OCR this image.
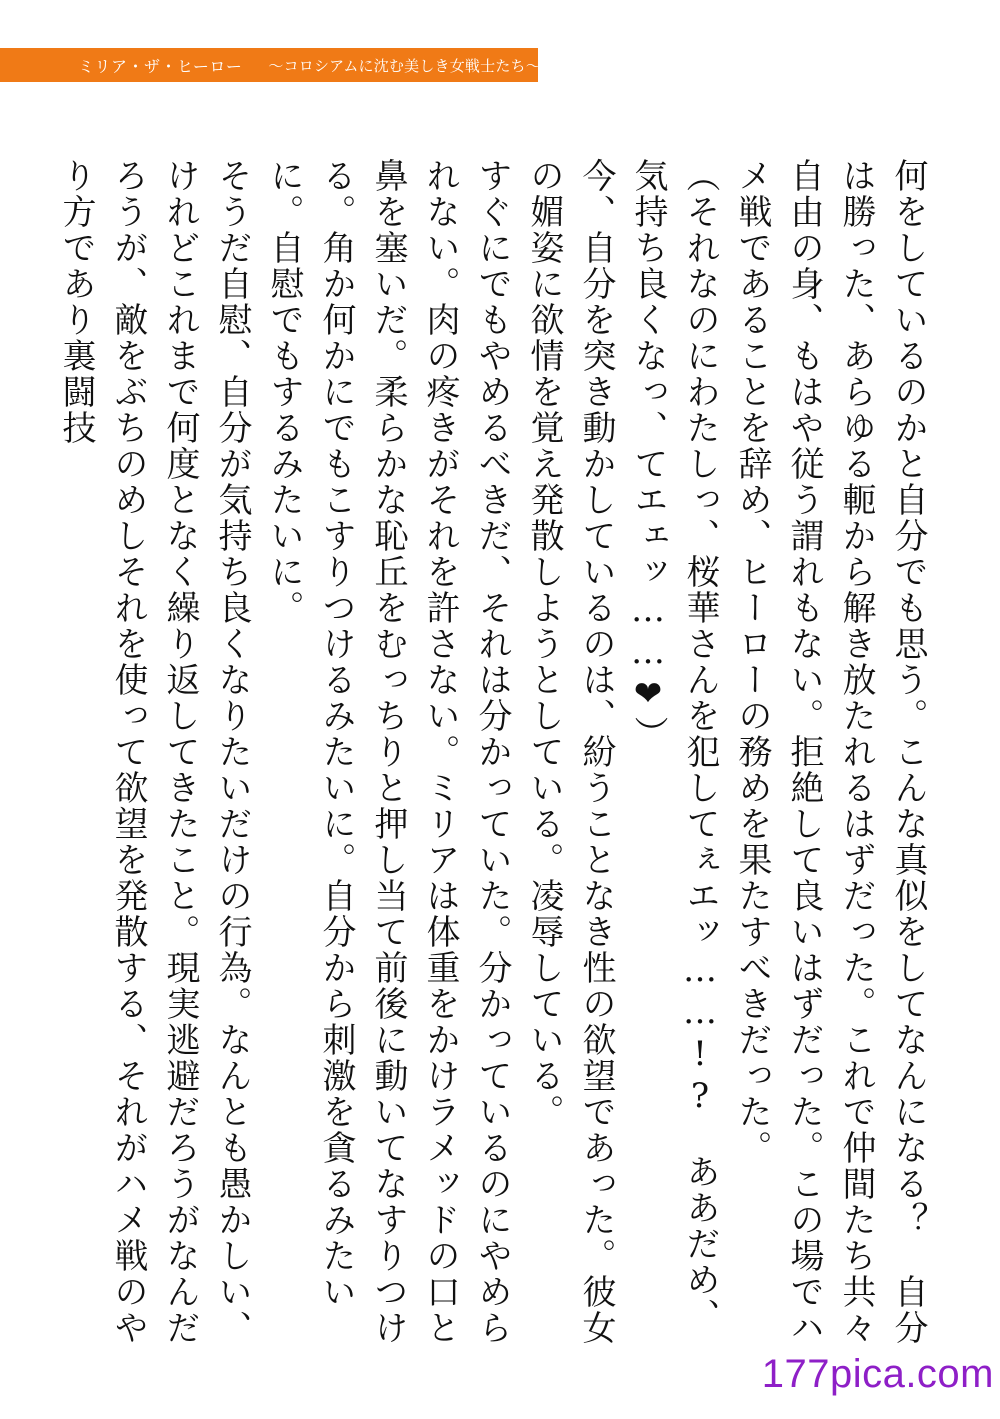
ミリア・ザ・ヒーロー 〜コロシアムに沈む美しき女戦士たち〜

何をしているのかと自分でも思う。こんな真似をしてなんになる？　自分は勝った、あらゆる軛から解き放たれるはずだった。これで仲間たち共々自由の身、もはや従う謂れもない。拒絶して良いはずだった。この場でハメ戦であることを辞め、ヒーローの務めを果たすべきだった。

（それなのにわたしっ、桜華さんを犯してぇエッ……!?　ああだめ、気持ち良くなっ、てエェッ……❤）

今、自分を突き動かしているのは、紛うことなき性の欲望であった。彼女の媚姿に欲情を覚え発散しようとしている。凌辱している。

すぐにでもやめるべきだ、それは分かっていた。分かっているのにやめられない。肉の疼きがそれを許さない。ミリアは体重をかけラメッドの口と鼻を塞いだ。柔らかな恥丘をむっちりと押し当て前後に動いてなすりつける。角か何かにでもこすりつけるみたいに。自分から刺激を貪るみたいに。自慰でもするみたいに。

そうだ自慰、自分が気持ち良くなりたいだけの行為。なんとも愚かしい、けれどこれまで何度となく繰り返してきたこと。現実逃避だろうがなんだろうが、敵をぶちのめしそれを使って欲望を発散する、それがハメ戦のやり方であり裏闘技

177pica.com
